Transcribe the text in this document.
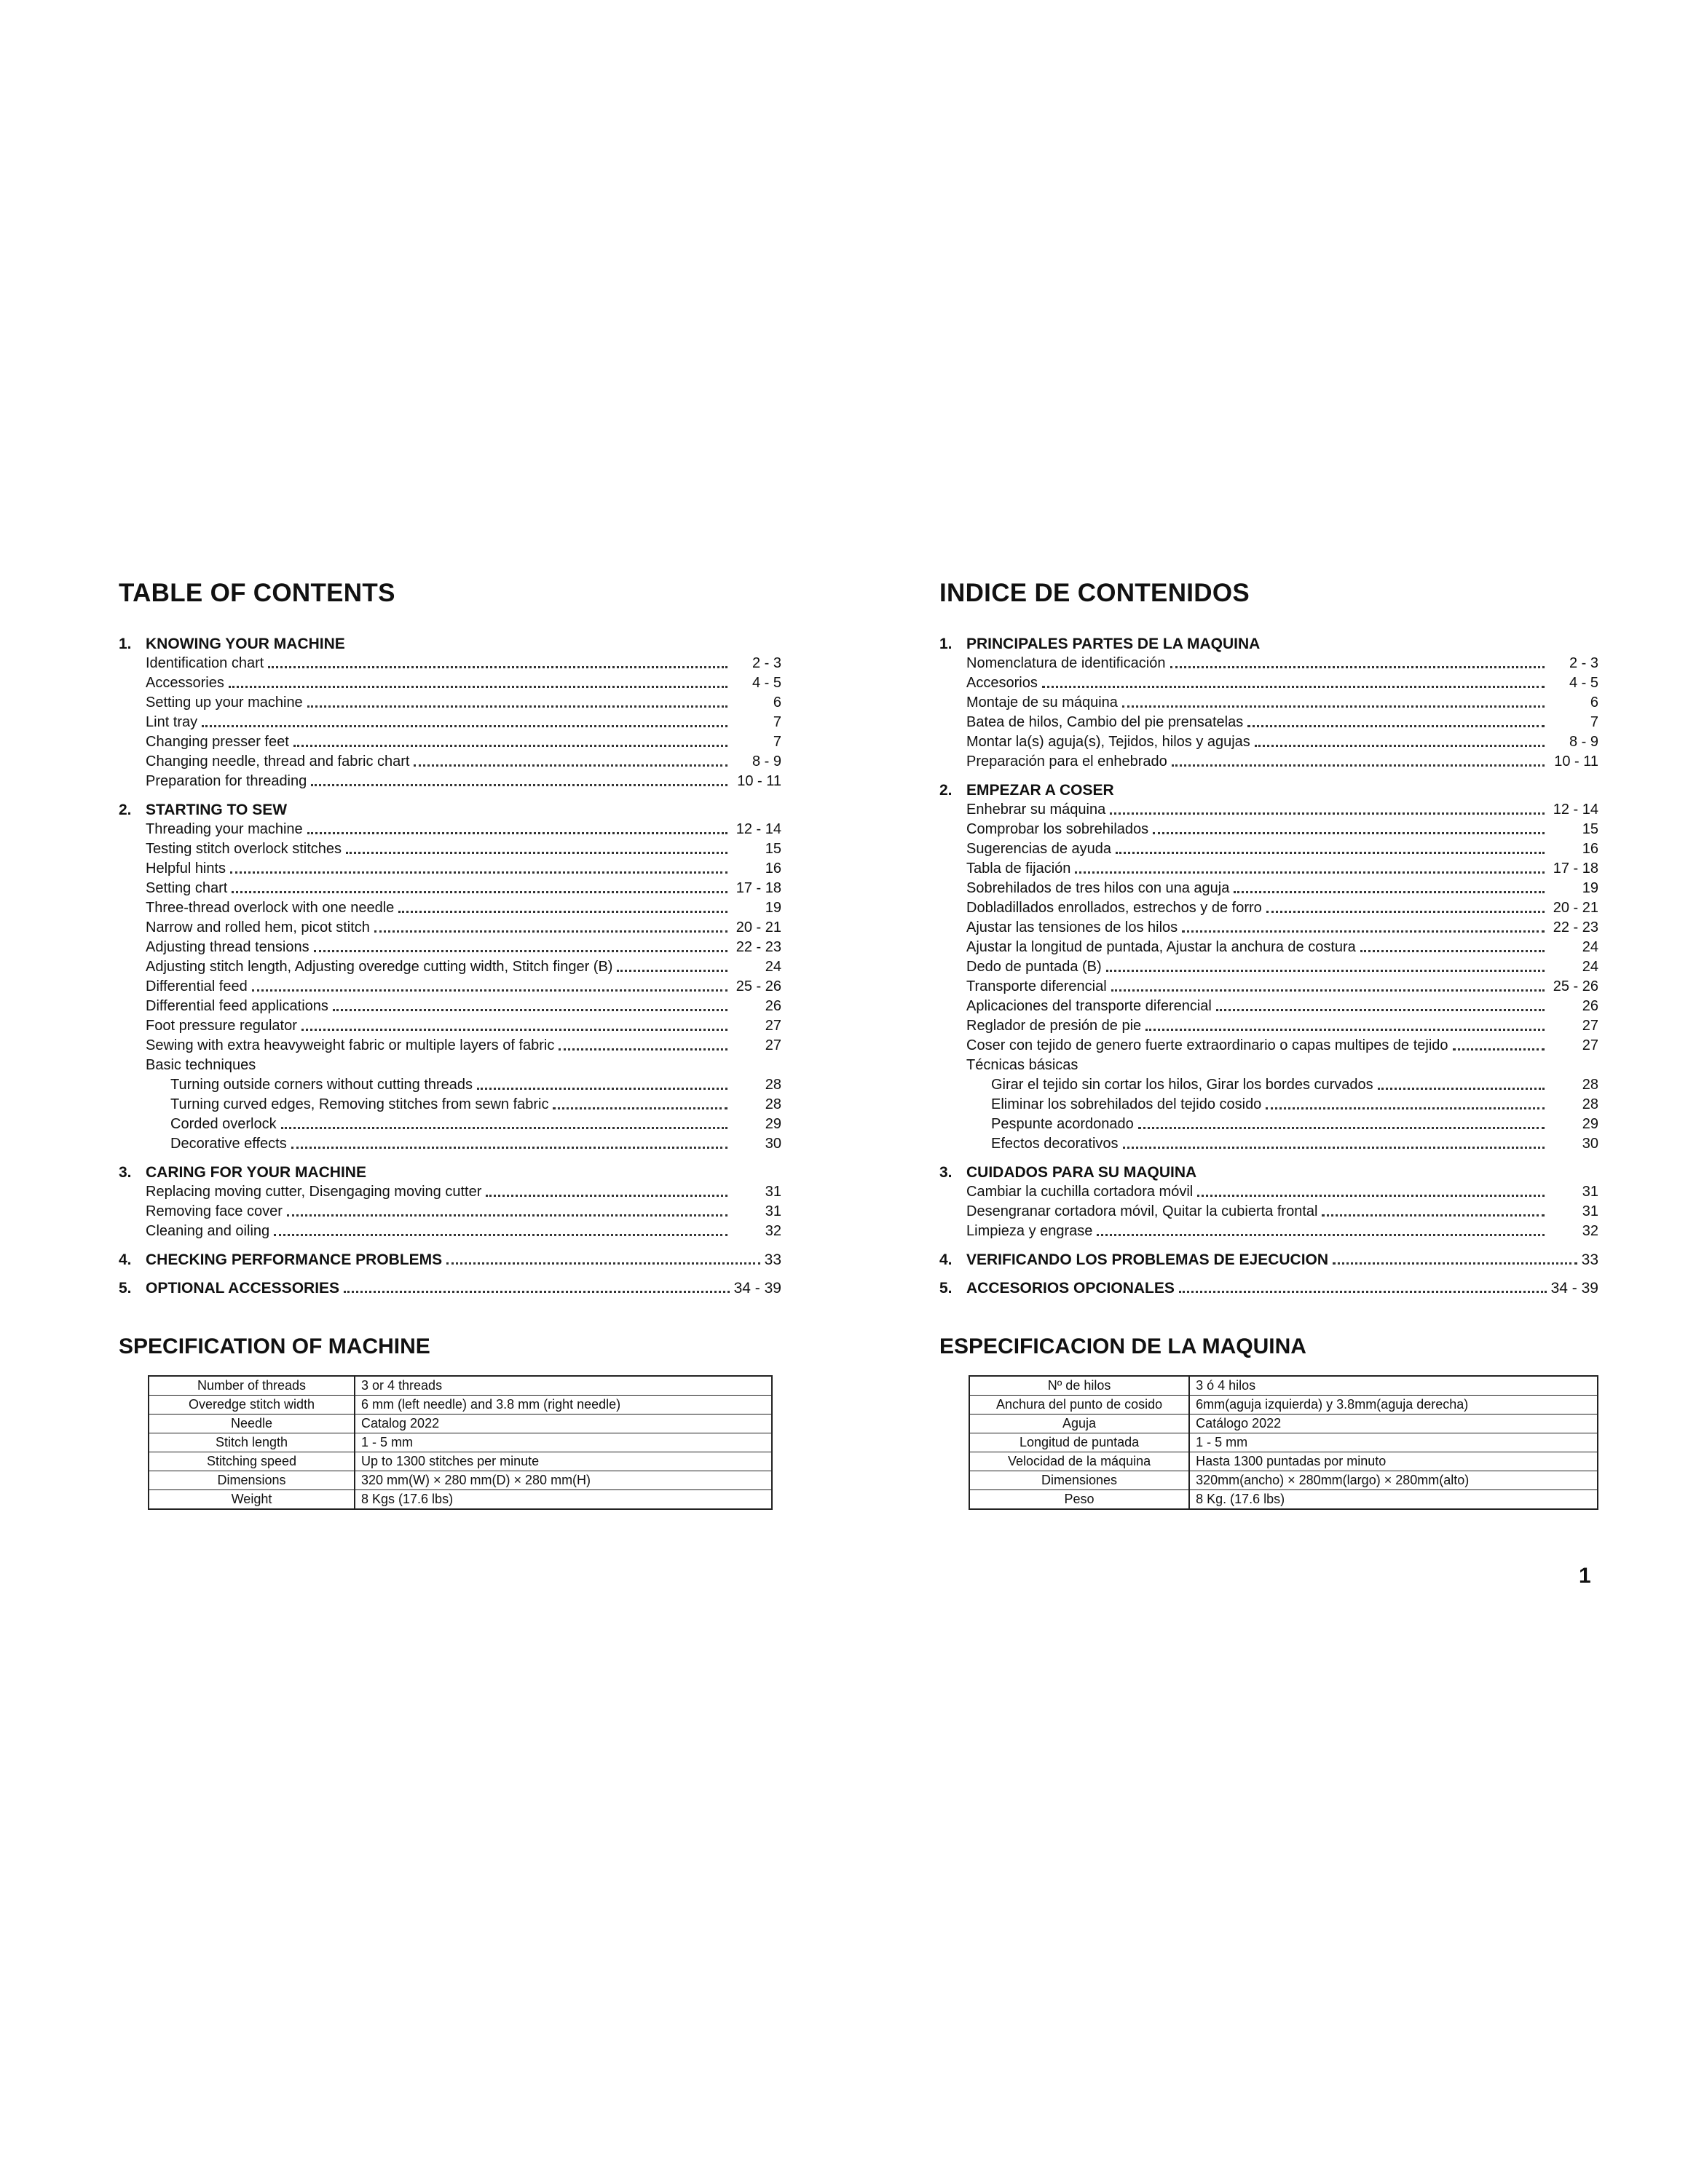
TABLE OF CONTENTS
1. KNOWING YOUR MACHINE
Identification chart	2 - 3
Accessories	4 - 5
Setting up your machine	6
Lint tray	7
Changing presser feet	7
Changing needle, thread and fabric chart	8 - 9
Preparation for threading	10 - 11
2. STARTING TO SEW
Threading your machine	12 - 14
Testing stitch overlock stitches	15
Helpful hints	16
Setting chart	17 - 18
Three-thread overlock with one needle	19
Narrow and rolled hem, picot stitch	20 - 21
Adjusting thread tensions	22 - 23
Adjusting stitch length, Adjusting overedge cutting width, Stitch finger (B)	24
Differential feed	25 - 26
Differential feed applications	26
Foot pressure regulator	27
Sewing with extra heavyweight fabric or multiple layers of fabric	27
Basic techniques
Turning outside corners without cutting threads	28
Turning curved edges, Removing stitches from sewn fabric	28
Corded overlock	29
Decorative effects	30
3. CARING FOR YOUR MACHINE
Replacing moving cutter, Disengaging moving cutter	31
Removing face cover	31
Cleaning and oiling	32
4. CHECKING PERFORMANCE PROBLEMS	33
5. OPTIONAL ACCESSORIES	34 - 39
SPECIFICATION OF MACHINE
Number of threads	3 or 4 threads
Overedge stitch width	6 mm (left needle) and 3.8 mm (right needle)
Needle	Catalog 2022
Stitch length	1 - 5 mm
Stitching speed	Up to 1300 stitches per minute
Dimensions	320 mm(W) × 280 mm(D) × 280 mm(H)
Weight	8 Kgs (17.6 lbs)
INDICE DE CONTENIDOS
1. PRINCIPALES PARTES DE LA MAQUINA
Nomenclatura de identificación	2 - 3
Accesorios	4 - 5
Montaje de su máquina	6
Batea de hilos, Cambio del pie prensatelas	7
Montar la(s) aguja(s), Tejidos, hilos y agujas	8 - 9
Preparación para el enhebrado	10 - 11
2. EMPEZAR A COSER
Enhebrar su máquina	12 - 14
Comprobar los sobrehilados	15
Sugerencias de ayuda	16
Tabla de fijación	17 - 18
Sobrehilados de tres hilos con una aguja	19
Dobladillados enrollados, estrechos y de forro	20 - 21
Ajustar las tensiones de los hilos	22 - 23
Ajustar la longitud de puntada, Ajustar la anchura de costura	24
Dedo de puntada (B)	24
Transporte diferencial	25 - 26
Aplicaciones del transporte diferencial	26
Reglador de presión de pie	27
Coser con tejido de genero fuerte extraordinario o capas multipes de tejido	27
Técnicas básicas
Girar el tejido sin cortar los hilos, Girar los bordes curvados	28
Eliminar los sobrehilados del tejido cosido	28
Pespunte acordonado	29
Efectos decorativos	30
3. CUIDADOS PARA SU MAQUINA
Cambiar la cuchilla cortadora móvil	31
Desengranar cortadora móvil, Quitar la cubierta frontal	31
Limpieza y engrase	32
4. VERIFICANDO LOS PROBLEMAS DE EJECUCION	33
5. ACCESORIOS OPCIONALES	34 - 39
ESPECIFICACION DE LA MAQUINA
Nº de hilos	3 ó 4 hilos
Anchura del punto de cosido	6mm(aguja izquierda) y 3.8mm(aguja derecha)
Aguja	Catálogo 2022
Longitud de puntada	1 - 5 mm
Velocidad de la máquina	Hasta 1300 puntadas por minuto
Dimensiones	320mm(ancho) × 280mm(largo) × 280mm(alto)
Peso	8 Kg. (17.6 lbs)
1
